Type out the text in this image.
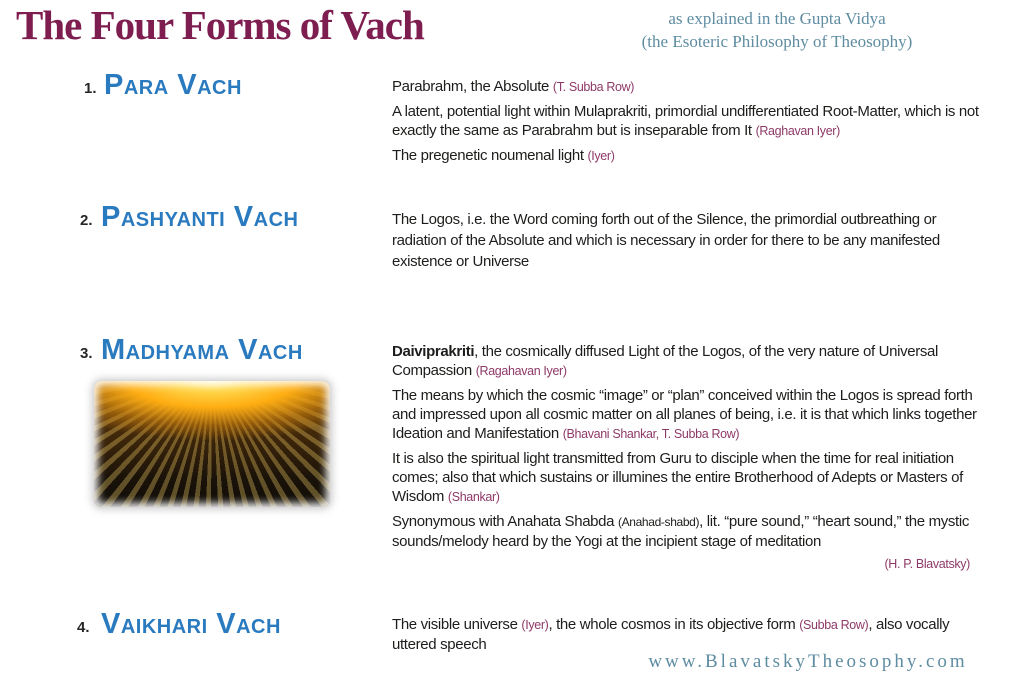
The Four Forms of Vach	as explained in the Gupta Vidya
(the Esoteric Philosophy of Theosophy)
1. Para Vach	Parabrahm, the Absolute (T. Subba Row)

A latent, potential light within Mulaprakriti, primordial undifferentiated Root-Matter, which is not exactly the same as Parabrahm but is inseparable from It (Raghavan Iyer)

The pregenetic noumenal light (Iyer)

2. Pashyanti Vach	The Logos, i.e. the Word coming forth out of the Silence, the primordial outbreathing or radiation of the Absolute and which is necessary in order for there to be any manifested existence or Universe

3. Madhyama Vach	Daiviprakriti, the cosmically diffused Light of the Logos, of the very nature of Universal Compassion (Ragahavan Iyer)

The means by which the cosmic “image” or “plan” conceived within the Logos is spread forth and impressed upon all cosmic matter on all planes of being, i.e. it is that which links together Ideation and Manifestation (Bhavani Shankar, T. Subba Row)

It is also the spiritual light transmitted from Guru to disciple when the time for real initiation comes; also that which sustains or illumines the entire Brotherhood of Adepts or Masters of Wisdom (Shankar)

Synonymous with Anahata Shabda (Anahad-shabd), lit. “pure sound,” “heart sound,” the mystic sounds/melody heard by the Yogi at the incipient stage of meditation

(H. P. Blavatsky)

4. Vaikhari Vach	The visible universe (Iyer), the whole cosmos in its objective form (Subba Row), also vocally uttered speech

www.BlavatskyTheosophy.com
